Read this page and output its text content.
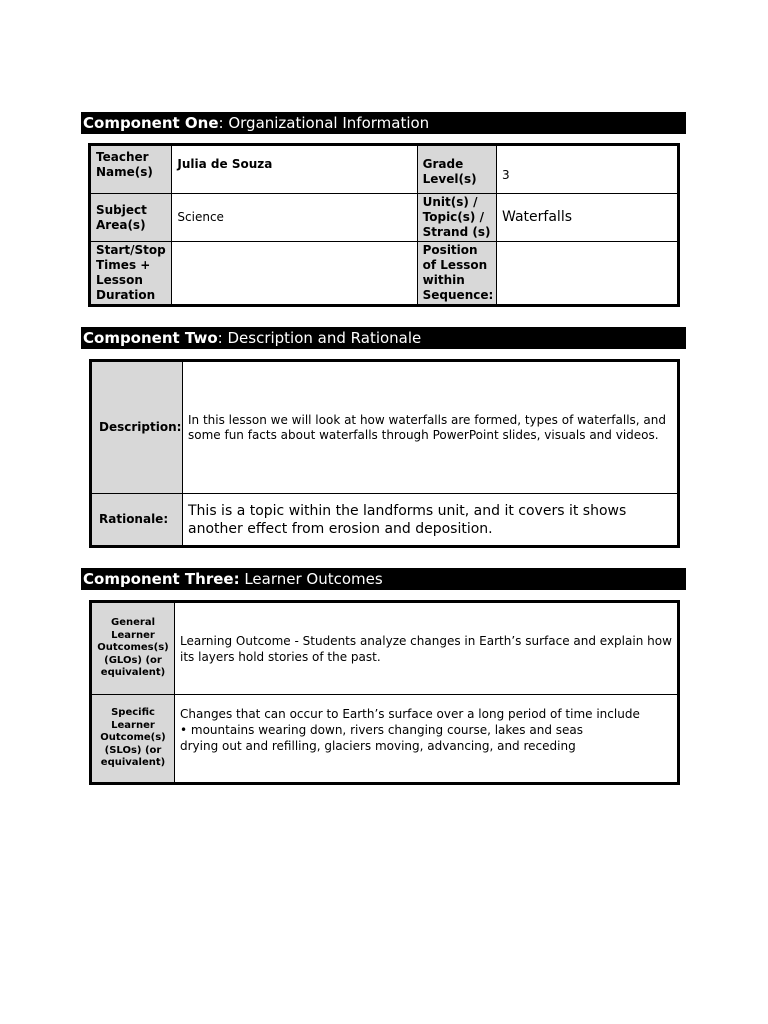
Component One: Organizational Information
Teacher Name(s)	Julia de Souza	Grade Level(s)	3
Subject Area(s)	Science	Unit(s) / Topic(s) / Strand (s)	Waterfalls
Start/Stop Times + Lesson Duration		Position of Lesson within Sequence:	
Component Two: Description and Rationale
Description:	In this lesson we will look at how waterfalls are formed, types of waterfalls, and some fun facts about waterfalls through PowerPoint slides, visuals and videos.
Rationale:	This is a topic within the landforms unit, and it covers it shows another effect from erosion and deposition.
Component Three: Learner Outcomes
General Learner Outcomes(s) (GLOs) (or equivalent)	Learning Outcome - Students analyze changes in Earth’s surface and explain how its layers hold stories of the past.
Specific Learner Outcome(s) (SLOs) (or equivalent)	Changes that can occur to Earth’s surface over a long period of time include
• mountains wearing down, rivers changing course, lakes and seas
drying out and refilling, glaciers moving, advancing, and receding
